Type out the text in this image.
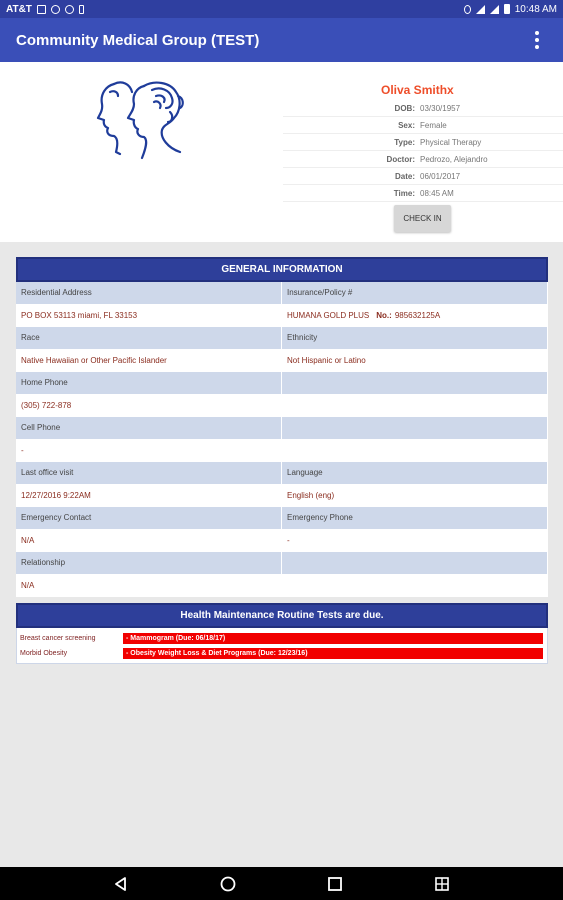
AT&T	10:48 AM
Community Medical Group (TEST)
Oliva Smithx
DOB: 03/30/1957
Sex: Female
Type: Physical Therapy
Doctor: Pedrozo, Alejandro
Date: 06/01/2017
Time: 08:45 AM
CHECK IN
GENERAL INFORMATION
Residential Address	Insurance/Policy #
PO BOX 53113 miami, FL 33153	HUMANA GOLD PLUS No.: 985632125A
Race	Ethnicity
Native Hawaiian or Other Pacific Islander	Not Hispanic or Latino
Home Phone
(305) 722-878
Cell Phone
-
Last office visit	Language
12/27/2016 9:22AM	English (eng)
Emergency Contact	Emergency Phone
N/A	-
Relationship
N/A
Health Maintenance Routine Tests are due.
Breast cancer screening	- Mammogram (Due: 06/18/17)
Morbid Obesity	- Obesity Weight Loss & Diet Programs (Due: 12/23/16)
